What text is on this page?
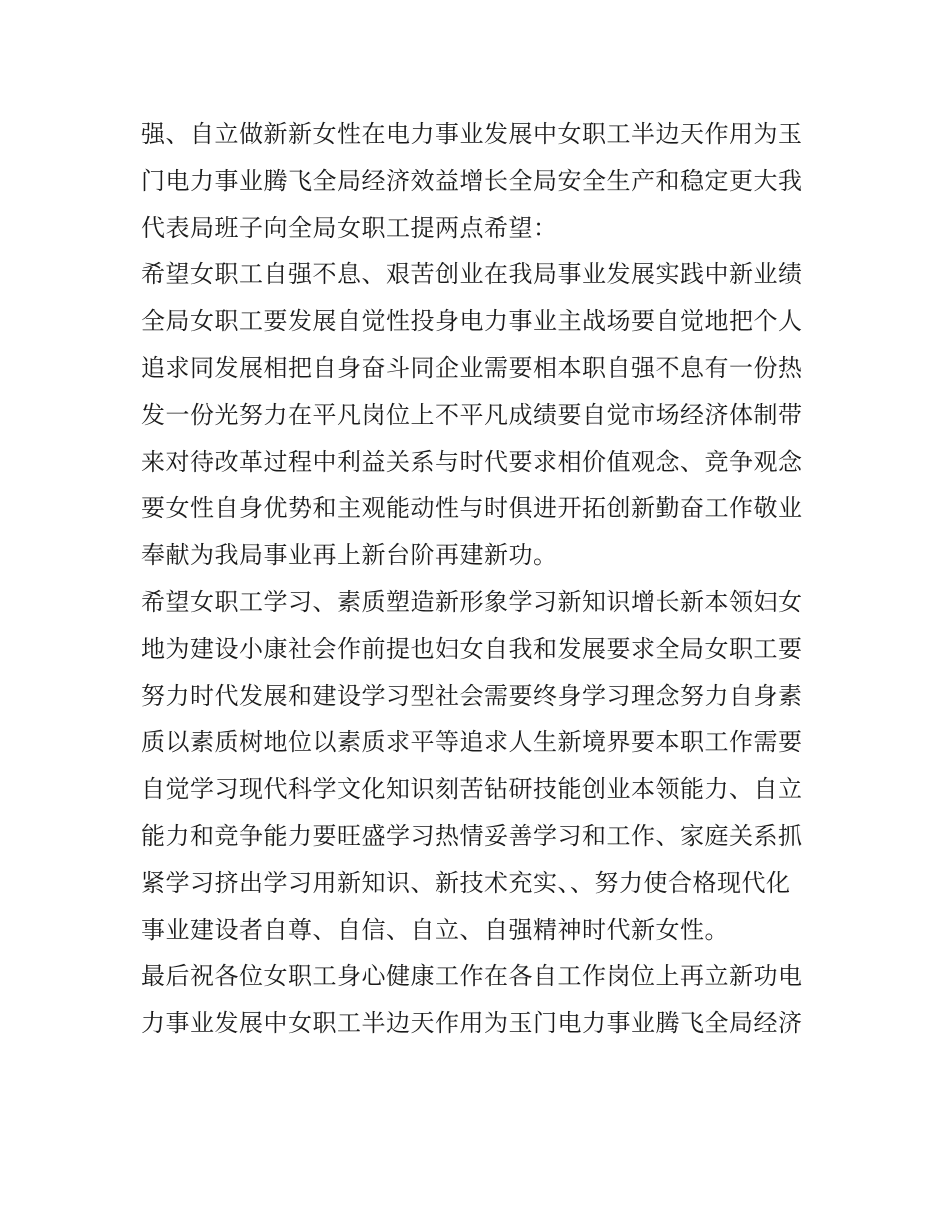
强、自立做新新女性在电力事业发展中女职工半边天作用为玉
门电力事业腾飞全局经济效益增长全局安全生产和稳定更大我
代表局班子向全局女职工提两点希望：
希望女职工自强不息、艰苦创业在我局事业发展实践中新业绩
全局女职工要发展自觉性投身电力事业主战场要自觉地把个人
追求同发展相把自身奋斗同企业需要相本职自强不息有一份热
发一份光努力在平凡岗位上不平凡成绩要自觉市场经济体制带
来对待改革过程中利益关系与时代要求相价值观念、竞争观念
要女性自身优势和主观能动性与时俱进开拓创新勤奋工作敬业
奉献为我局事业再上新台阶再建新功。
希望女职工学习、素质塑造新形象学习新知识增长新本领妇女
地为建设小康社会作前提也妇女自我和发展要求全局女职工要
努力时代发展和建设学习型社会需要终身学习理念努力自身素
质以素质树地位以素质求平等追求人生新境界要本职工作需要
自觉学习现代科学文化知识刻苦钻研技能创业本领能力、自立
能力和竞争能力要旺盛学习热情妥善学习和工作、家庭关系抓
紧学习挤出学习用新知识、新技术充实、、努力使合格现代化
事业建设者自尊、自信、自立、自强精神时代新女性。
最后祝各位女职工身心健康工作在各自工作岗位上再立新功电
力事业发展中女职工半边天作用为玉门电力事业腾飞全局经济
